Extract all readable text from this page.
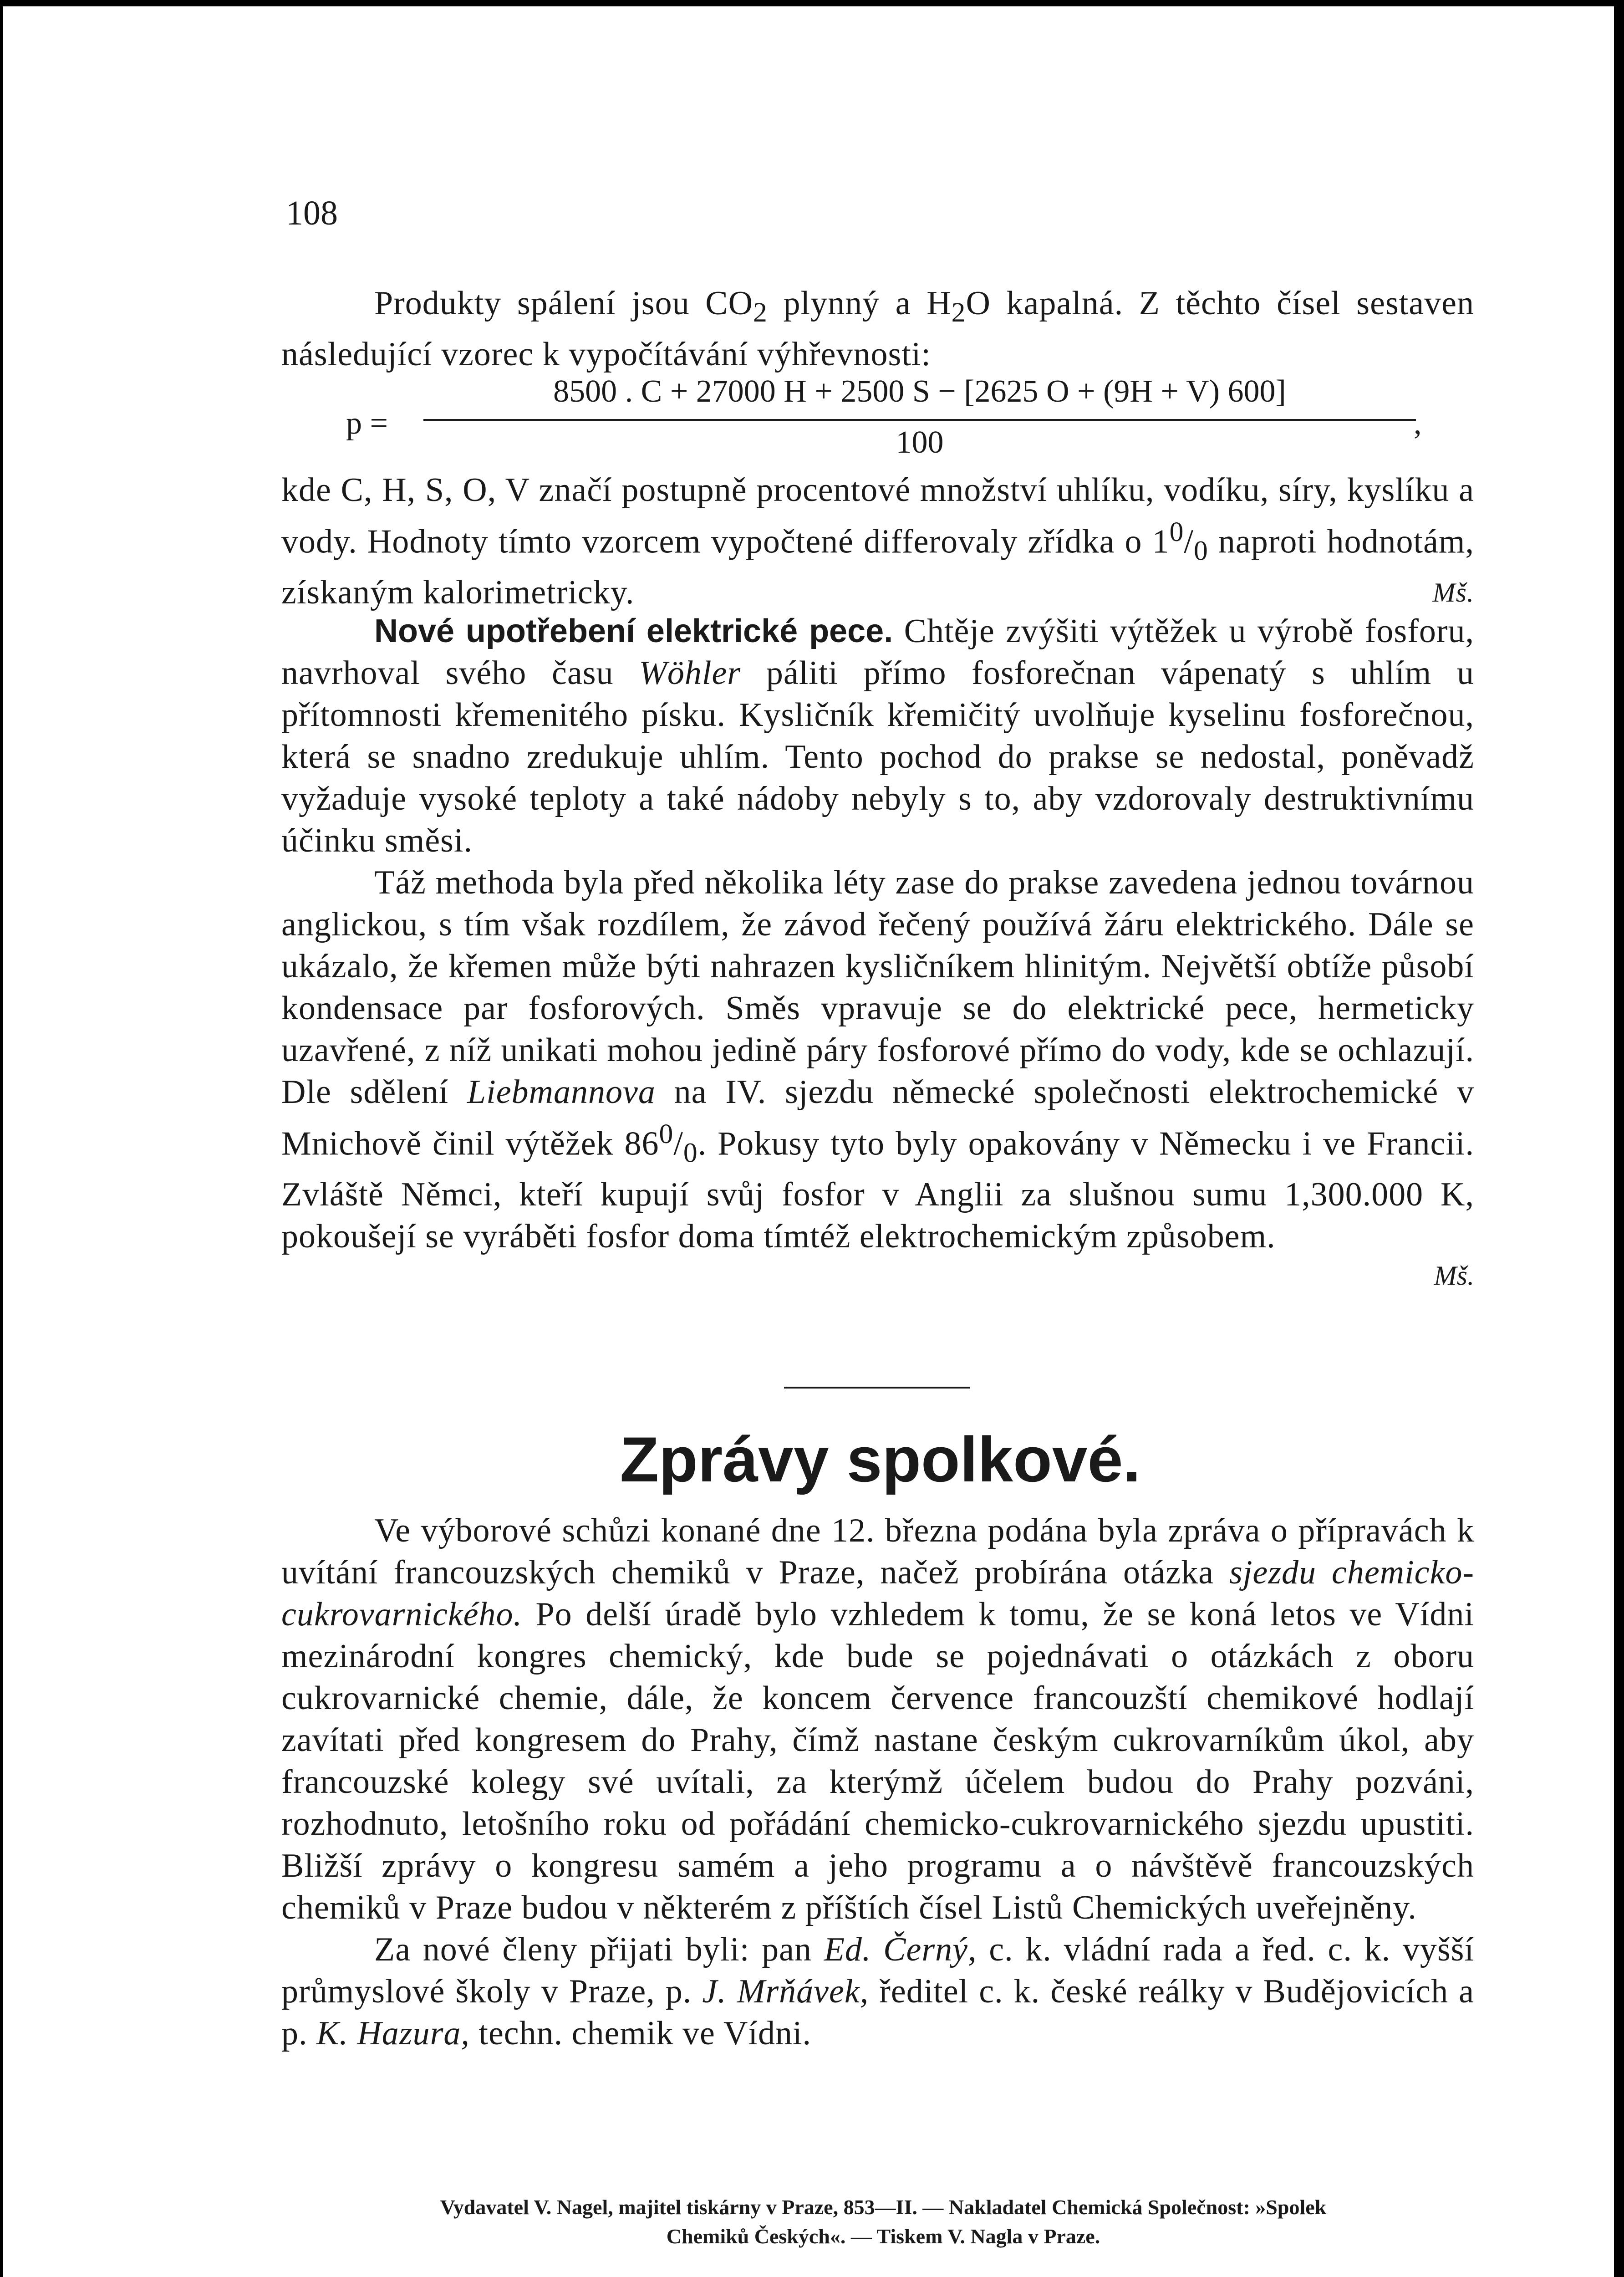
108

Produkty spálení jsou $CO_2$ plynný a $H_2O$ kapalná. Z těchto čísel sestaven následující vzorec k vypočítávání výhřevnosti:

p =
8500 . C + 27000 H + 2500 S − [2625 O + (9H + V) 600]
100
,

kde C, H, S, O, V značí postupně procentové množství uhlíku, vodíku, síry, kyslíku a vody. Hodnoty tímto vzorcem vypočtené differovaly zřídka o $1^0/_0$ naproti hodnotám, získaným kalorimetricky.	Mš.

Nové upotřebení elektrické pece. Chtěje zvýšiti výtěžek u výrobě fosforu, navrhoval svého času Wöhler páliti přímo fosforečnan vápenatý s uhlím u přítomnosti křemenitého písku. Kysličník křemičitý uvolňuje kyselinu fosforečnou, která se snadno zredukuje uhlím. Tento pochod do prakse se nedostal, poněvadž vyžaduje vysoké teploty a také nádoby nebyly s to, aby vzdorovaly destruktivnímu účinku směsi.

Táž methoda byla před několika léty zase do prakse zavedena jednou továrnou anglickou, s tím však rozdílem, že závod řečený používá žáru elektrického. Dále se ukázalo, že křemen může býti nahrazen kysličníkem hlinitým. Největší obtíže působí kondensace par fosforových. Směs vpravuje se do elektrické pece, hermeticky uzavřené, z níž unikati mohou jedině páry fosforové přímo do vody, kde se ochlazují. Dle sdělení Liebmannova na IV. sjezdu německé společnosti elektrochemické v Mnichově činil výtěžek $86^0/_0$. Pokusy tyto byly opakovány v Německu i ve Francii. Zvláště Němci, kteří kupují svůj fosfor v Anglii za slušnou sumu 1,300.000 K, pokoušejí se vyráběti fosfor doma tímtéž elektrochemickým způsobem.

Mš.
Zprávy spolkové.

Ve výborové schůzi konané dne 12. března podána byla zpráva o přípravách k uvítání francouzských chemiků v Praze, načež probírána otázka sjezdu chemicko-cukrovarnického. Po delší úradě bylo vzhledem k tomu, že se koná letos ve Vídni mezinárodní kongres chemický, kde bude se pojednávati o otázkách z oboru cukrovarnické chemie, dále, že koncem července francouzští chemikové hodlají zavítati před kongresem do Prahy, čímž nastane českým cukrovarníkům úkol, aby francouzské kolegy své uvítali, za kterýmž účelem budou do Prahy pozváni, rozhodnuto, letošního roku od pořádání chemicko-cukrovarnického sjezdu upustiti. Bližší zprávy o kongresu samém a jeho programu a o návštěvě francouzských chemiků v Praze budou v některém z příštích čísel Listů Chemických uveřejněny.

Za nové členy přijati byli: pan Ed. Černý, c. k. vládní rada a řed. c. k. vyšší průmyslové školy v Praze, p. J. Mrňávek, ředitel c. k. české reálky v Budějovicích a p. K. Hazura, techn. chemik ve Vídni.

Vydavatel V. Nagel, majitel tiskárny v Praze, 853—II. — Nakladatel Chemická Společnost: »Spolek
Chemiků Českých«. — Tiskem V. Nagla v Praze.
